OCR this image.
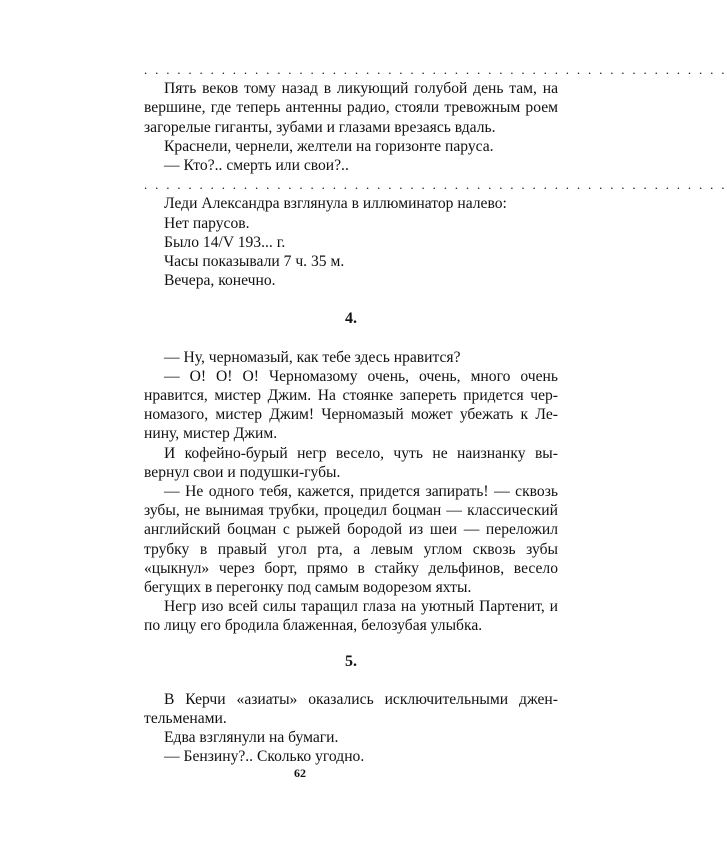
. . . . . . . . . . . . . . . . . . . . . . . . . . . . . . . . . . . . . . . . . . . . . . . . . . . . .

Пять веков тому назад в ликующий голубой день там, на вершине, где теперь антенны радио, стояли тревожным роем загорелые гиганты, зубами и глазами врезаясь вдаль.

Краснели, чернели, желтели на горизонте паруса.

— Кто?.. смерть или свои?..

. . . . . . . . . . . . . . . . . . . . . . . . . . . . . . . . . . . . . . . . . . . . . . . . . . . . .

Леди Александра взглянула в иллюминатор налево:

Нет парусов.

Было 14/V 193... г.

Часы показывали 7 ч. 35 м.

Вечера, конечно.

4.

— Ну, черномазый, как тебе здесь нравится?

— О! О! О! Черномазому очень, очень, много очень нравится, мистер Джим. На стоянке запереть придется черномазого, мистер Джим! Черномазый может убежать к Ленину, мистер Джим.

И кофейно-бурый негр весело, чуть не наизнанку вывернул свои и подушки-губы.

— Не одного тебя, кажется, придется запирать! — сквозь зубы, не вынимая трубки, процедил боцман — классический английский боцман с рыжей бородой из шеи — переложил трубку в правый угол рта, а левым углом сквозь зубы «цыкнул» через борт, прямо в стайку дельфинов, весело бегущих в перегонку под самым водорезом яхты.

Негр изо всей силы таращил глаза на уютный Партенит, и по лицу его бродила блаженная, белозубая улыбка.

5.

В Керчи «азиаты» оказались исключительными джентельменами.

Едва взглянули на бумаги.

— Бензину?.. Сколько угодно.

62
